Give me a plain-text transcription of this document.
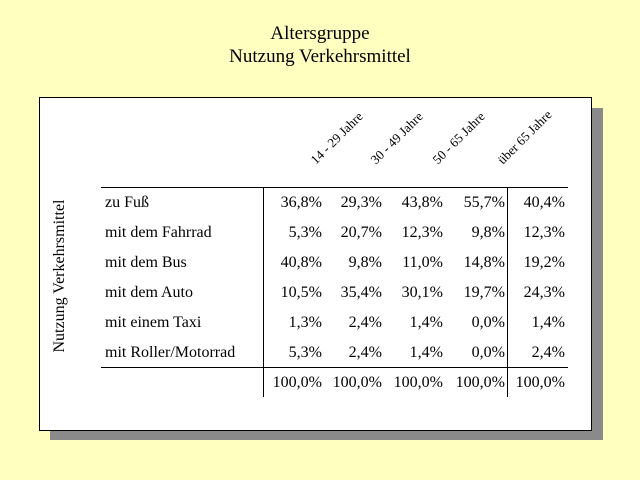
Altersgruppe
Nutzung Verkehrsmittel
Nutzung Verkehrsmittel
14 - 29 Jahre 30 - 49 Jahre 50 - 65 Jahre über 65 Jahre
zu Fuß	36,8%	29,3%	43,8%	55,7%	40,4%
mit dem Fahrrad	5,3%	20,7%	12,3%	9,8%	12,3%
mit dem Bus	40,8%	9,8%	11,0%	14,8%	19,2%
mit dem Auto	10,5%	35,4%	30,1%	19,7%	24,3%
mit einem Taxi	1,3%	2,4%	1,4%	0,0%	1,4%
mit Roller/Motorrad	5,3%	2,4%	1,4%	0,0%	2,4%
100,0% 100,0% 100,0% 100,0% 100,0%
